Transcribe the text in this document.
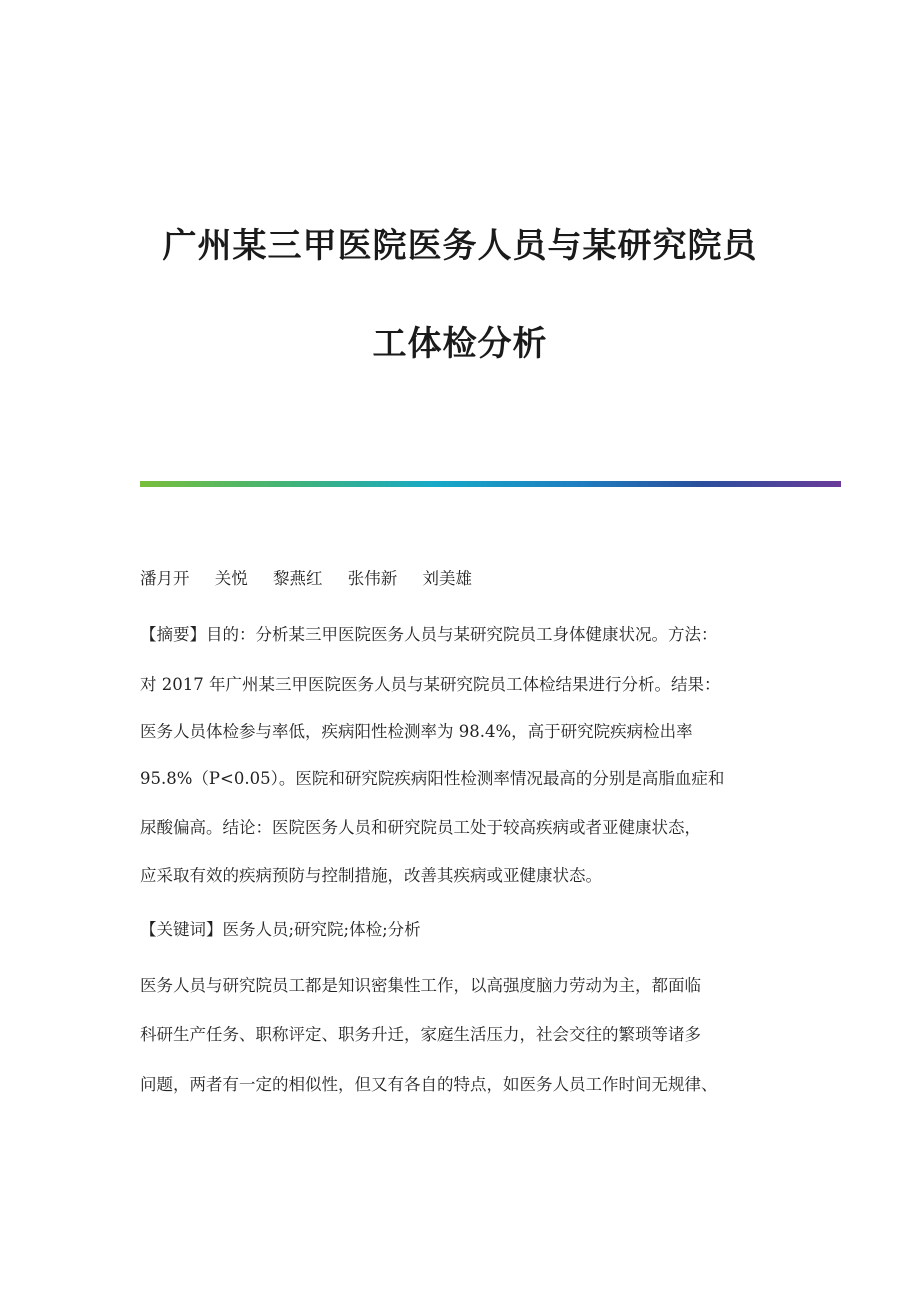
广州某三甲医院医务人员与某研究院员
工体检分析
潘月开 关悦 黎燕红 张伟新 刘美雄
【摘要】目的：分析某三甲医院医务人员与某研究院员工身体健康状况。方法：
对 2017 年广州某三甲医院医务人员与某研究院员工体检结果进行分析。结果：
医务人员体检参与率低，疾病阳性检测率为 98.4%，高于研究院疾病检出率
95.8%（P<0.05）。医院和研究院疾病阳性检测率情况最高的分别是高脂血症和
尿酸偏高。结论：医院医务人员和研究院员工处于较高疾病或者亚健康状态，
应采取有效的疾病预防与控制措施，改善其疾病或亚健康状态。
【关键词】医务人员;研究院;体检;分析
医务人员与研究院员工都是知识密集性工作，以高强度脑力劳动为主，都面临
科研生产任务、职称评定、职务升迁，家庭生活压力，社会交往的繁琐等诸多
问题，两者有一定的相似性，但又有各自的特点，如医务人员工作时间无规律、
